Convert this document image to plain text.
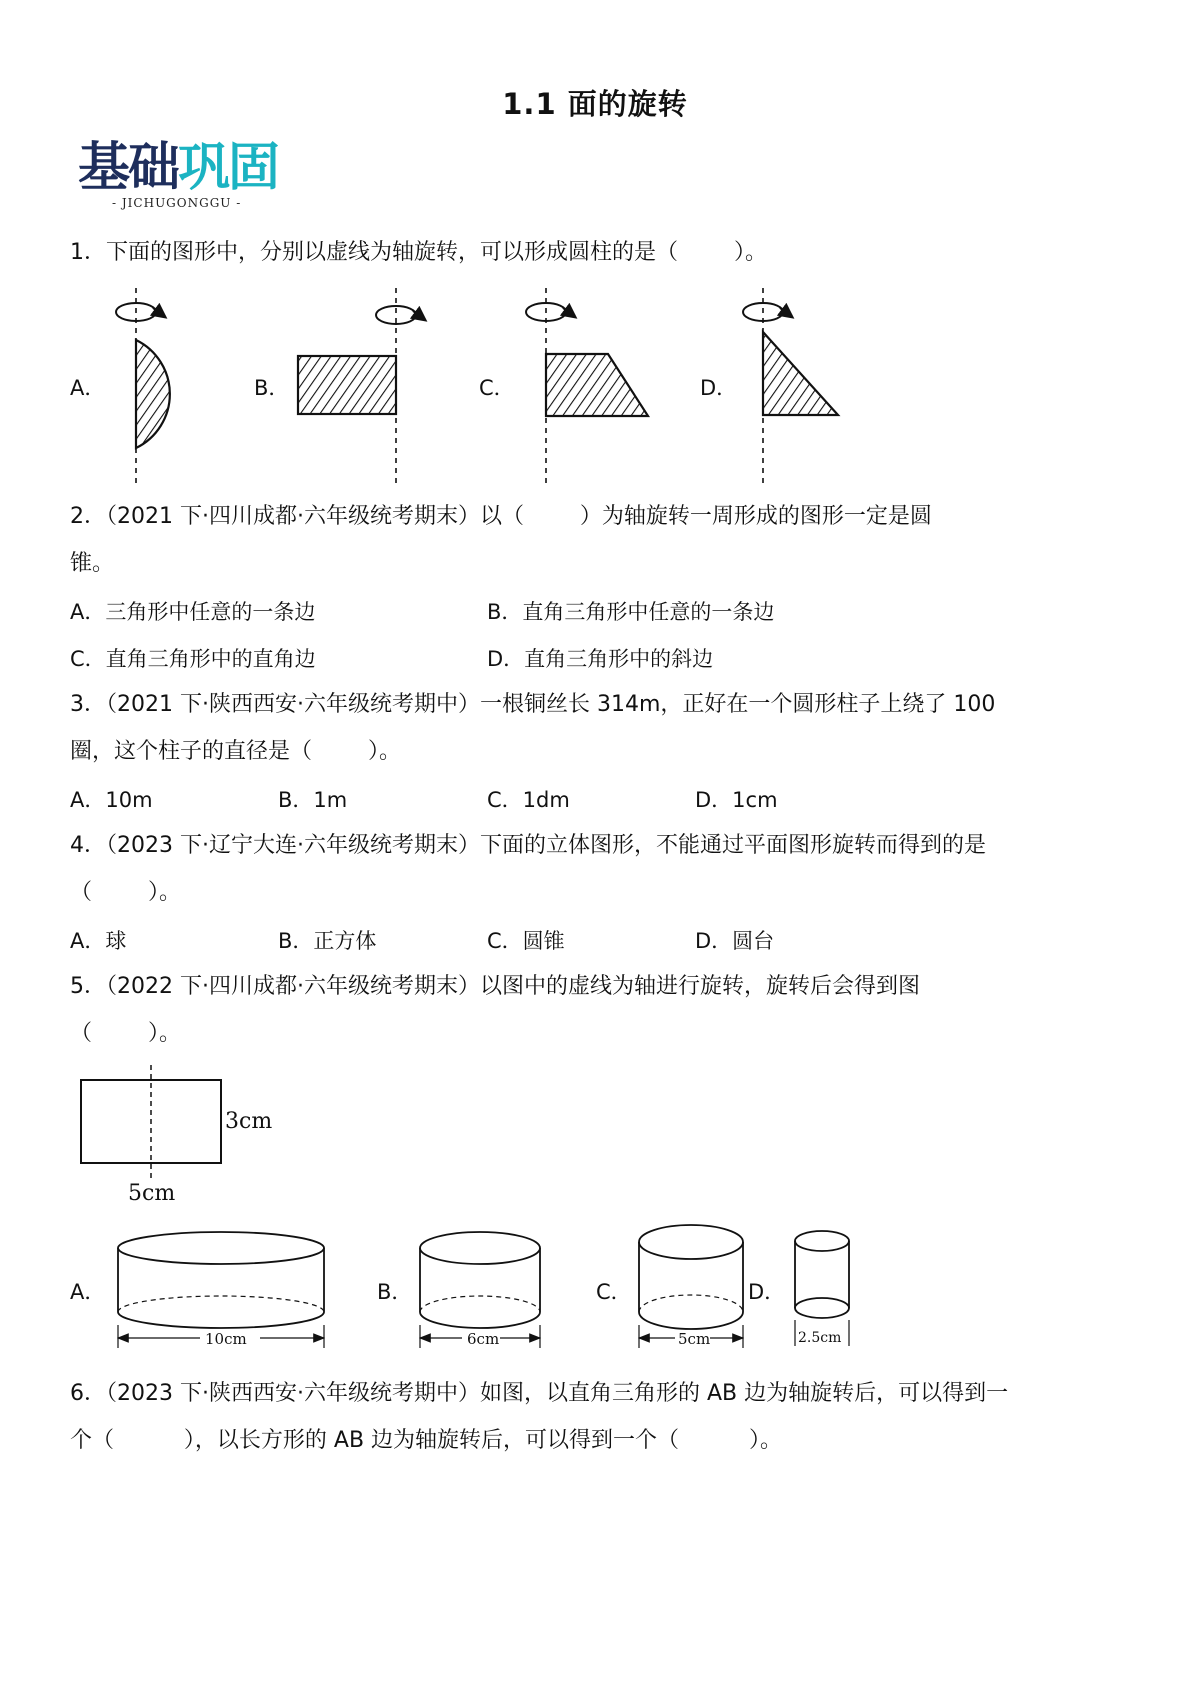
1.1 面的旋转
基础巩固
- JICHUGONGGU -
1．下面的图形中，分别以虚线为轴旋转，可以形成圆柱的是（        ）。
A．	B．	C．	D．
2．（2021 下·四川成都·六年级统考期末）以（        ）为轴旋转一周形成的图形一定是圆
锥。
A．三角形中任意的一条边	B．直角三角形中任意的一条边
C．直角三角形中的直角边	D．直角三角形中的斜边
3．（2021 下·陕西西安·六年级统考期中）一根铜丝长 314m，正好在一个圆形柱子上绕了 100
圈，这个柱子的直径是（        ）。
A．10m	B．1m	C．1dm	D．1cm
4．（2023 下·辽宁大连·六年级统考期末）下面的立体图形，不能通过平面图形旋转而得到的是
（        ）。
A．球	B．正方体	C．圆锥	D．圆台
5．（2022 下·四川成都·六年级统考期末）以图中的虚线为轴进行旋转，旋转后会得到图
（        ）。
3cm
5cm
A．	B．	C．	D．
10cm	6cm	5cm	2.5cm
6．（2023 下·陕西西安·六年级统考期中）如图，以直角三角形的 AB 边为轴旋转后，可以得到一
个（          ），以长方形的 AB 边为轴旋转后，可以得到一个（          ）。
